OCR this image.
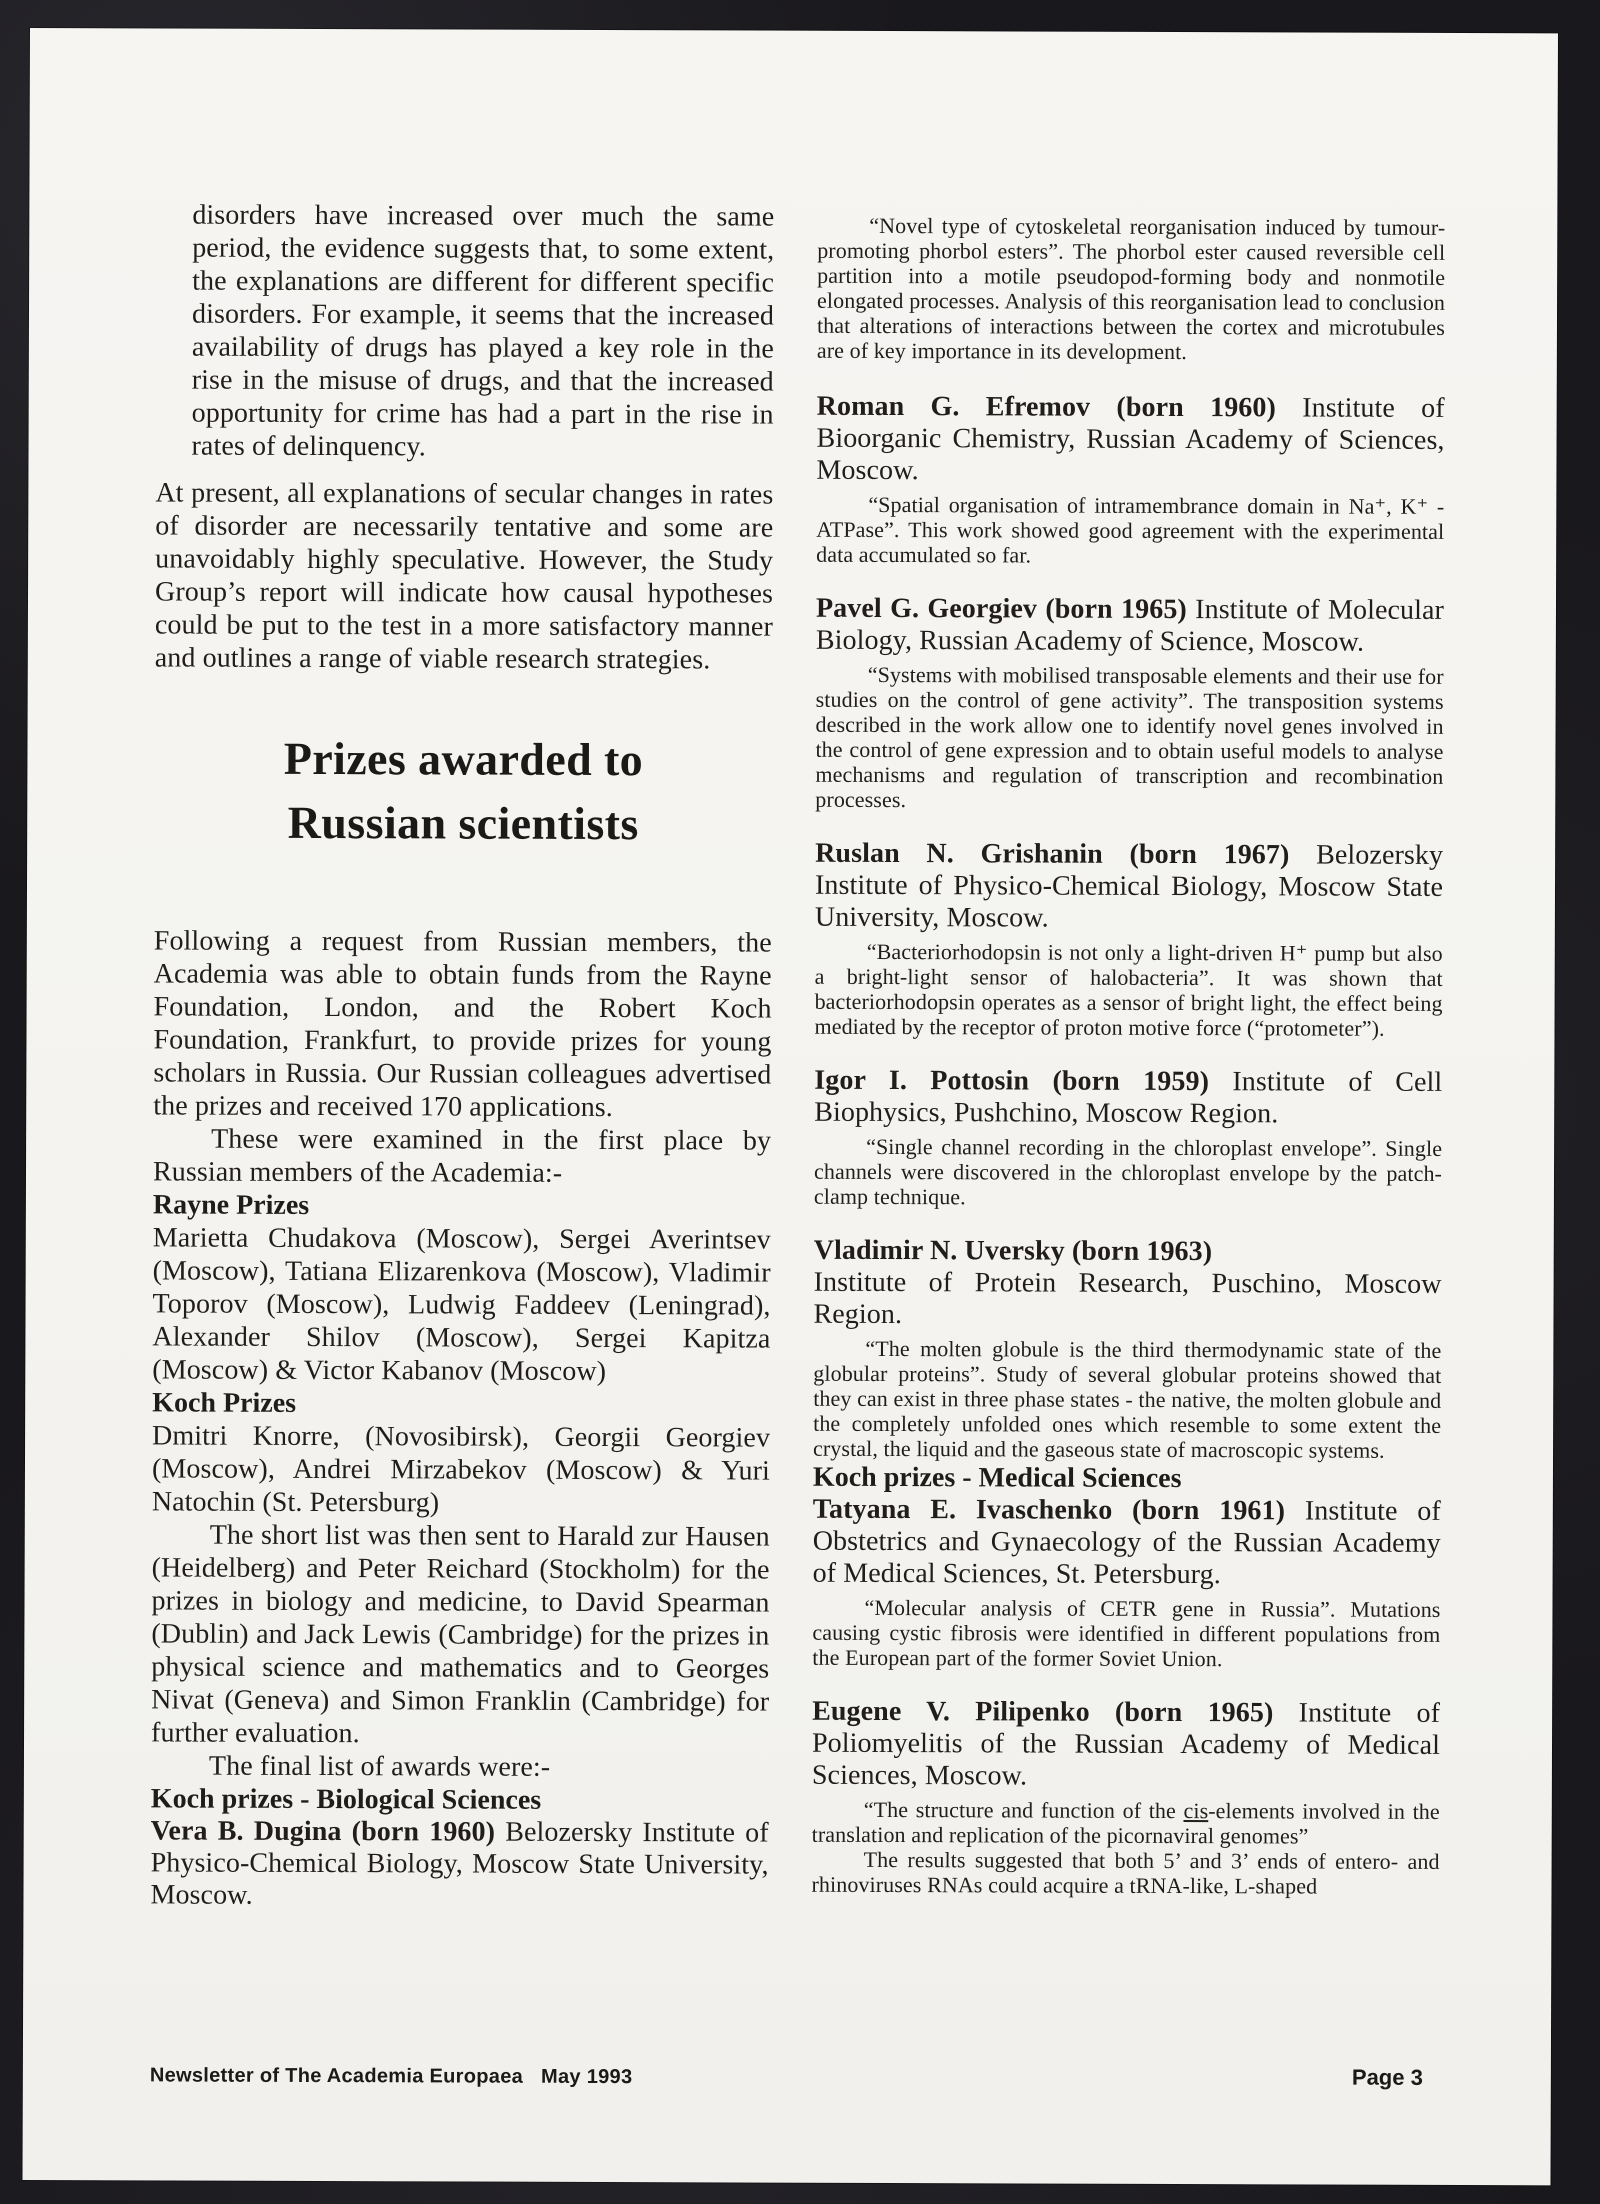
disorders have increased over much the same period, the evidence suggests that, to some extent, the explanations are different for different specific disorders. For example, it seems that the increased availability of drugs has played a key role in the rise in the misuse of drugs, and that the increased opportunity for crime has had a part in the rise in rates of delinquency.

At present, all explanations of secular changes in rates of disorder are necessarily tentative and some are unavoidably highly speculative. However, the Study Group’s report will indicate how causal hypotheses could be put to the test in a more satisfactory manner and outlines a range of viable research strategies.

Prizes awarded to
Russian scientists

Following a request from Russian members, the Academia was able to obtain funds from the Rayne Foundation, London, and the Robert Koch Foundation, Frankfurt, to provide prizes for young scholars in Russia. Our Russian colleagues advertised the prizes and received 170 applications.

These were examined in the first place by Russian members of the Academia:-

Rayne Prizes

Marietta Chudakova (Moscow), Sergei Averintsev (Moscow), Tatiana Elizarenkova (Moscow), Vladimir Toporov (Moscow), Ludwig Faddeev (Leningrad), Alexander Shilov (Moscow), Sergei Kapitza (Moscow) & Victor Kabanov (Moscow)

Koch Prizes

Dmitri Knorre, (Novosibirsk), Georgii Georgiev (Moscow), Andrei Mirzabekov (Moscow) & Yuri Natochin (St. Petersburg)

The short list was then sent to Harald zur Hausen (Heidelberg) and Peter Reichard (Stockholm) for the prizes in biology and medicine, to David Spearman (Dublin) and Jack Lewis (Cambridge) for the prizes in physical science and mathematics and to Georges Nivat (Geneva) and Simon Franklin (Cambridge) for further evaluation.

The final list of awards were:-

Koch prizes - Biological Sciences
Vera B. Dugina (born 1960) Belozersky Institute of Physico-Chemical Biology, Moscow State University, Moscow.

“Novel type of cytoskeletal reorganisation induced by tumour-promoting phorbol esters”. The phorbol ester caused reversible cell partition into a motile pseudopod-forming body and nonmotile elongated processes. Analysis of this reorganisation lead to conclusion that alterations of interactions between the cortex and microtubules are of key importance in its development.

Roman G. Efremov (born 1960) Institute of Bioorganic Chemistry, Russian Academy of Sciences, Moscow.

“Spatial organisation of intramembrance domain in Na⁺, K⁺ -ATPase”. This work showed good agreement with the experimental data accumulated so far.

Pavel G. Georgiev (born 1965) Institute of Molecular Biology, Russian Academy of Science, Moscow.

“Systems with mobilised transposable elements and their use for studies on the control of gene activity”. The transposition systems described in the work allow one to identify novel genes involved in the control of gene expression and to obtain useful models to analyse mechanisms and regulation of transcription and recombination processes.

Ruslan N. Grishanin (born 1967) Belozersky Institute of Physico-Chemical Biology, Moscow State University, Moscow.

“Bacteriorhodopsin is not only a light-driven H⁺ pump but also a bright-light sensor of halobacteria”. It was shown that bacteriorhodopsin operates as a sensor of bright light, the effect being mediated by the receptor of proton motive force (“protometer”).

Igor I. Pottosin (born 1959) Institute of Cell Biophysics, Pushchino, Moscow Region.

“Single channel recording in the chloroplast envelope”. Single channels were discovered in the chloroplast envelope by the patch-clamp technique.

Vladimir N. Uversky (born 1963)
Institute of Protein Research, Puschino, Moscow Region.

“The molten globule is the third thermodynamic state of the globular proteins”. Study of several globular proteins showed that they can exist in three phase states - the native, the molten globule and the completely unfolded ones which resemble to some extent the crystal, the liquid and the gaseous state of macroscopic systems.

Koch prizes - Medical Sciences
Tatyana E. Ivaschenko (born 1961) Institute of Obstetrics and Gynaecology of the Russian Academy of Medical Sciences, St. Petersburg.

“Molecular analysis of CETR gene in Russia”. Mutations causing cystic fibrosis were identified in different populations from the European part of the former Soviet Union.

Eugene V. Pilipenko (born 1965) Institute of Poliomyelitis of the Russian Academy of Medical Sciences, Moscow.

“The structure and function of the cis-elements involved in the translation and replication of the picornaviral genomes”

The results suggested that both 5’ and 3’ ends of entero- and rhinoviruses RNAs could acquire a tRNA-like, L-shaped

Newsletter of The Academia Europaea May 1993	Page 3
